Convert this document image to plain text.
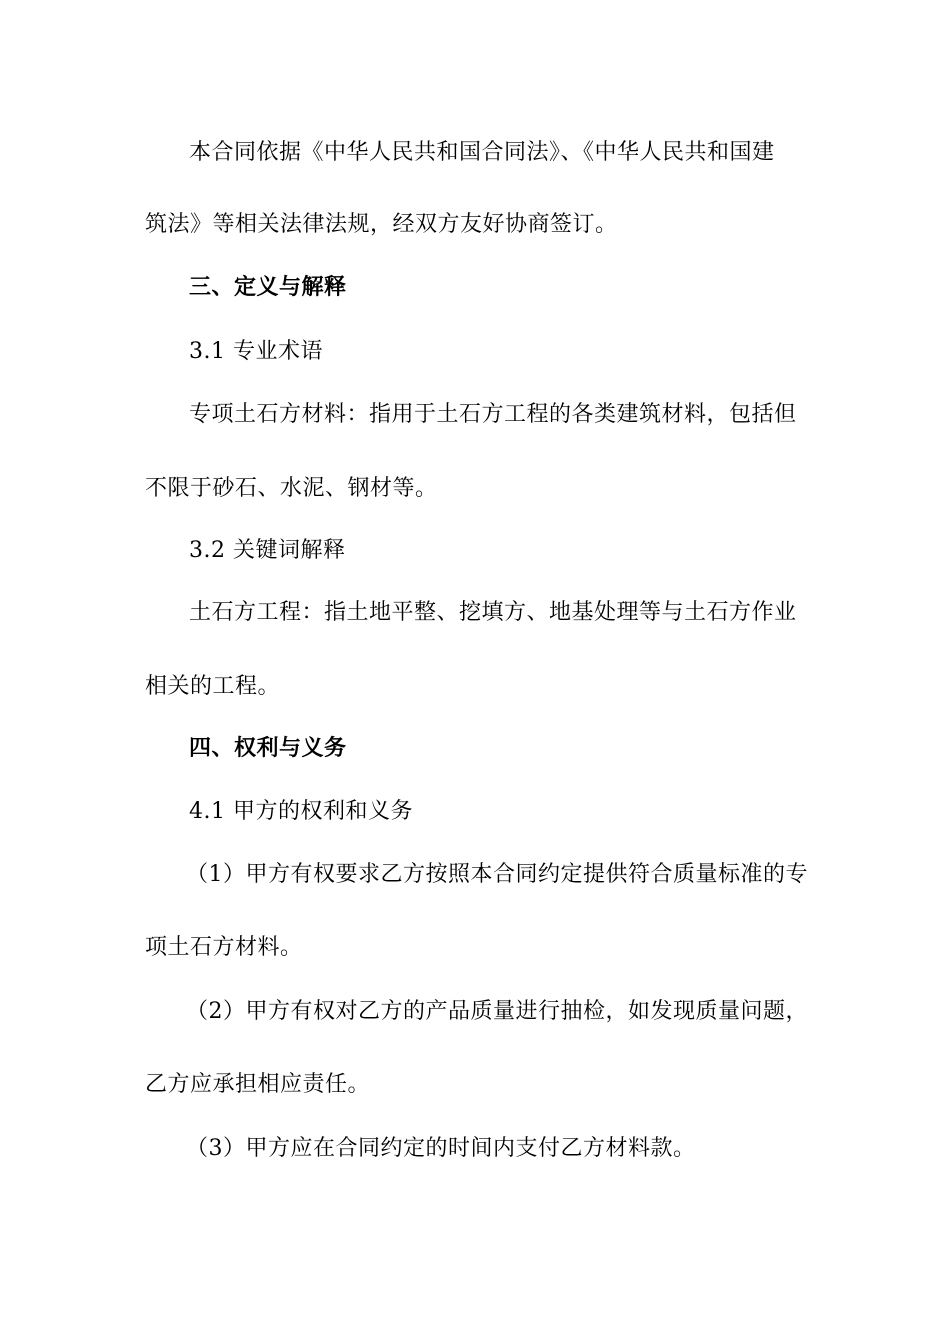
本合同依据《中华人民共和国合同法》、《中华人民共和国建
筑法》等相关法律法规，经双方友好协商签订。
三、定义与解释
3.1 专业术语
专项土石方材料：指用于土石方工程的各类建筑材料，包括但
不限于砂石、水泥、钢材等。
3.2 关键词解释
土石方工程：指土地平整、挖填方、地基处理等与土石方作业
相关的工程。
四、权利与义务
4.1 甲方的权利和义务
（1）甲方有权要求乙方按照本合同约定提供符合质量标准的专
项土石方材料。
（2）甲方有权对乙方的产品质量进行抽检，如发现质量问题，
乙方应承担相应责任。
（3）甲方应在合同约定的时间内支付乙方材料款。
